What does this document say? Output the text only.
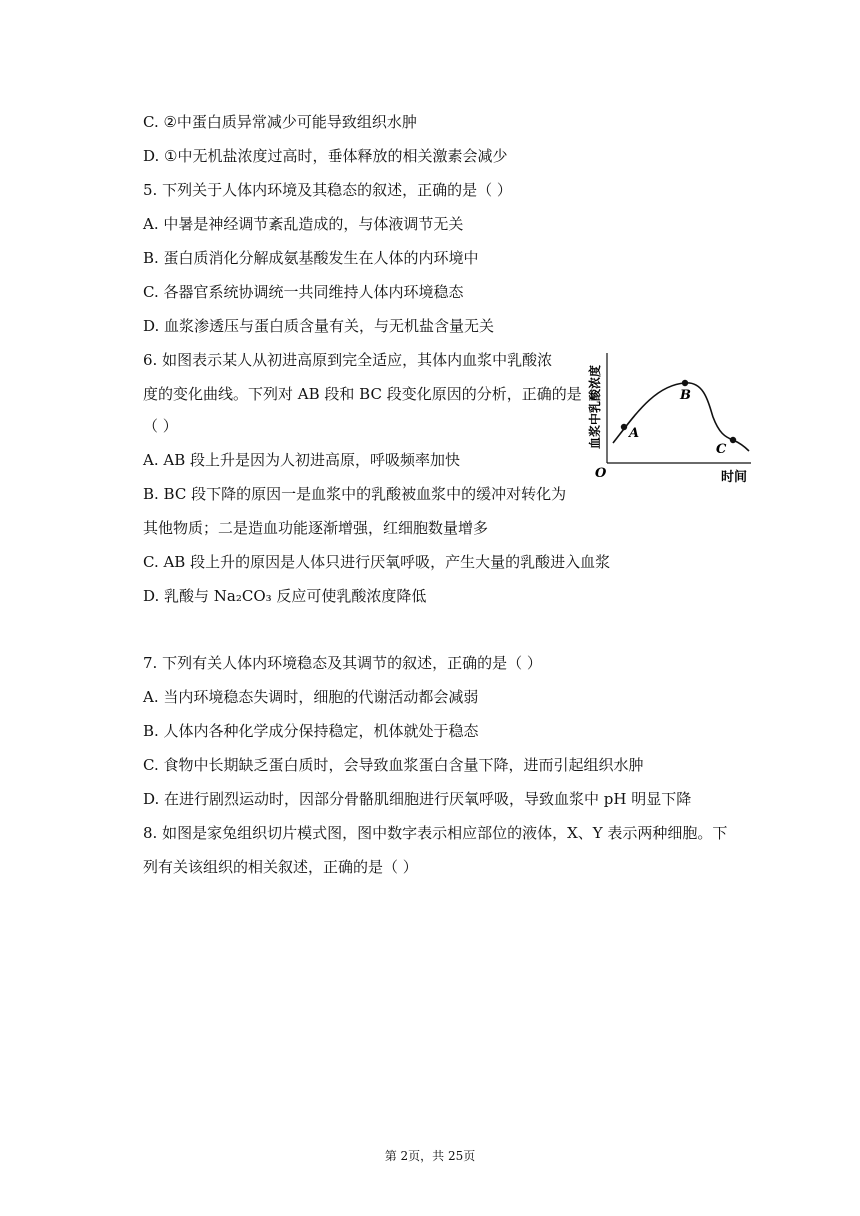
C. ②中蛋白质异常减少可能导致组织水肿
D. ①中无机盐浓度过高时，垂体释放的相关激素会减少
5. 下列关于人体内环境及其稳态的叙述，正确的是（ ）
A. 中暑是神经调节紊乱造成的，与体液调节无关
B. 蛋白质消化分解成氨基酸发生在人体的内环境中
C. 各器官系统协调统一共同维持人体内环境稳态
D. 血浆渗透压与蛋白质含量有关，与无机盐含量无关
6. 如图表示某人从初进高原到完全适应，其体内血浆中乳酸浓
度的变化曲线。下列对 AB 段和 BC 段变化原因的分析，正确的是
（ ）
A. AB 段上升是因为人初进高原，呼吸频率加快
B. BC 段下降的原因一是血浆中的乳酸被血浆中的缓冲对转化为
其他物质；二是造血功能逐渐增强，红细胞数量增多
C. AB 段上升的原因是人体只进行厌氧呼吸，产生大量的乳酸进入血浆
D. 乳酸与 Na₂CO₃ 反应可使乳酸浓度降低
7. 下列有关人体内环境稳态及其调节的叙述，正确的是（ ）
A. 当内环境稳态失调时，细胞的代谢活动都会减弱
B. 人体内各种化学成分保持稳定，机体就处于稳态
C. 食物中长期缺乏蛋白质时，会导致血浆蛋白含量下降，进而引起组织水肿
D. 在进行剧烈运动时，因部分骨骼肌细胞进行厌氧呼吸，导致血浆中 pH 明显下降
8. 如图是家兔组织切片模式图，图中数字表示相应部位的液体，X、Y 表示两种细胞。下
列有关该组织的相关叙述，正确的是（ ）
A
B
C
O	时间
血浆中乳酸浓度
第 2页，共 25页
